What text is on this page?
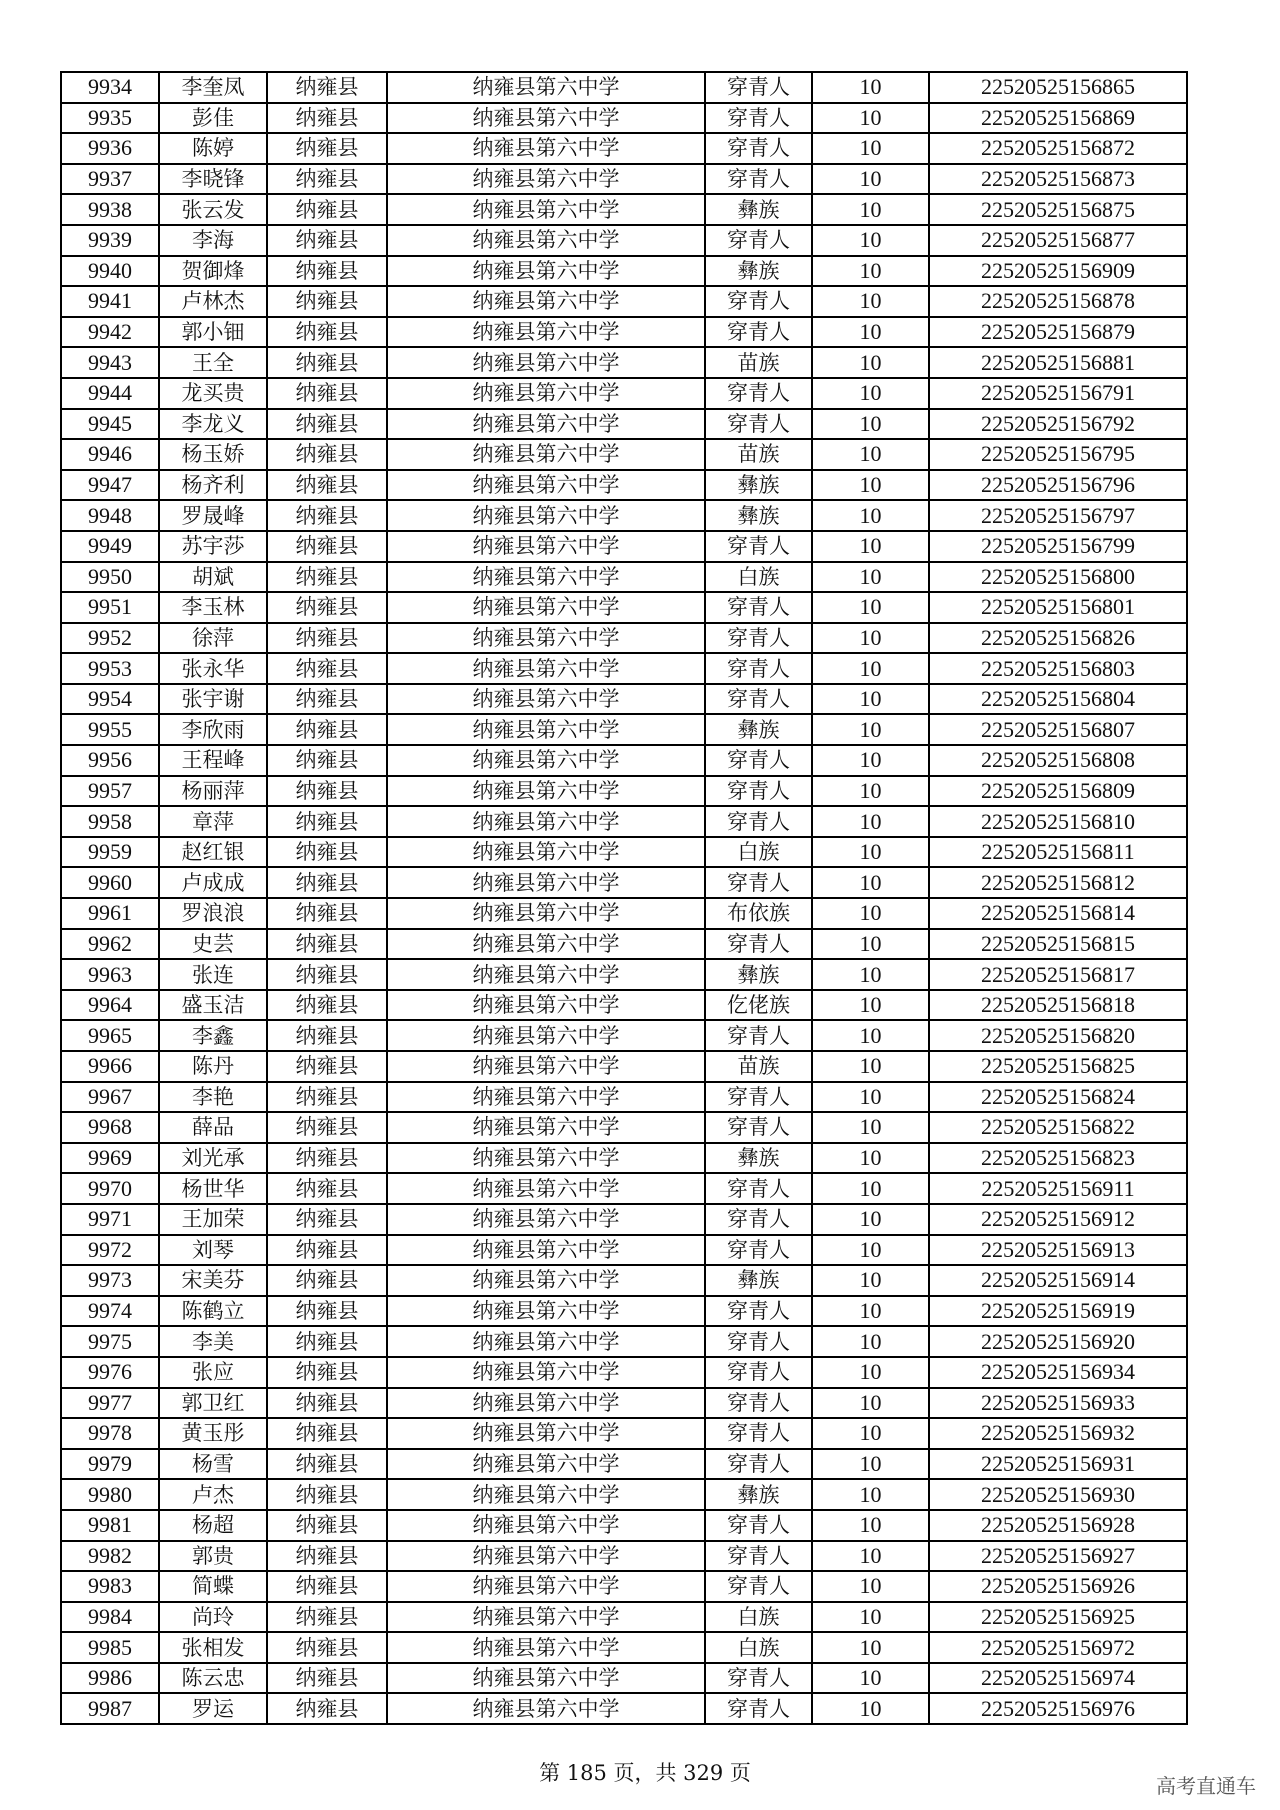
9934	李奎凤	纳雍县	纳雍县第六中学	穿青人	10	22520525156865
9935	彭佳	纳雍县	纳雍县第六中学	穿青人	10	22520525156869
9936	陈婷	纳雍县	纳雍县第六中学	穿青人	10	22520525156872
9937	李晓锋	纳雍县	纳雍县第六中学	穿青人	10	22520525156873
9938	张云发	纳雍县	纳雍县第六中学	彝族	10	22520525156875
9939	李海	纳雍县	纳雍县第六中学	穿青人	10	22520525156877
9940	贺御烽	纳雍县	纳雍县第六中学	彝族	10	22520525156909
9941	卢林杰	纳雍县	纳雍县第六中学	穿青人	10	22520525156878
9942	郭小钿	纳雍县	纳雍县第六中学	穿青人	10	22520525156879
9943	王全	纳雍县	纳雍县第六中学	苗族	10	22520525156881
9944	龙买贵	纳雍县	纳雍县第六中学	穿青人	10	22520525156791
9945	李龙义	纳雍县	纳雍县第六中学	穿青人	10	22520525156792
9946	杨玉娇	纳雍县	纳雍县第六中学	苗族	10	22520525156795
9947	杨齐利	纳雍县	纳雍县第六中学	彝族	10	22520525156796
9948	罗晟峰	纳雍县	纳雍县第六中学	彝族	10	22520525156797
9949	苏宇莎	纳雍县	纳雍县第六中学	穿青人	10	22520525156799
9950	胡斌	纳雍县	纳雍县第六中学	白族	10	22520525156800
9951	李玉林	纳雍县	纳雍县第六中学	穿青人	10	22520525156801
9952	徐萍	纳雍县	纳雍县第六中学	穿青人	10	22520525156826
9953	张永华	纳雍县	纳雍县第六中学	穿青人	10	22520525156803
9954	张宇谢	纳雍县	纳雍县第六中学	穿青人	10	22520525156804
9955	李欣雨	纳雍县	纳雍县第六中学	彝族	10	22520525156807
9956	王程峰	纳雍县	纳雍县第六中学	穿青人	10	22520525156808
9957	杨丽萍	纳雍县	纳雍县第六中学	穿青人	10	22520525156809
9958	章萍	纳雍县	纳雍县第六中学	穿青人	10	22520525156810
9959	赵红银	纳雍县	纳雍县第六中学	白族	10	22520525156811
9960	卢成成	纳雍县	纳雍县第六中学	穿青人	10	22520525156812
9961	罗浪浪	纳雍县	纳雍县第六中学	布依族	10	22520525156814
9962	史芸	纳雍县	纳雍县第六中学	穿青人	10	22520525156815
9963	张连	纳雍县	纳雍县第六中学	彝族	10	22520525156817
9964	盛玉洁	纳雍县	纳雍县第六中学	仡佬族	10	22520525156818
9965	李鑫	纳雍县	纳雍县第六中学	穿青人	10	22520525156820
9966	陈丹	纳雍县	纳雍县第六中学	苗族	10	22520525156825
9967	李艳	纳雍县	纳雍县第六中学	穿青人	10	22520525156824
9968	薛品	纳雍县	纳雍县第六中学	穿青人	10	22520525156822
9969	刘光承	纳雍县	纳雍县第六中学	彝族	10	22520525156823
9970	杨世华	纳雍县	纳雍县第六中学	穿青人	10	22520525156911
9971	王加荣	纳雍县	纳雍县第六中学	穿青人	10	22520525156912
9972	刘琴	纳雍县	纳雍县第六中学	穿青人	10	22520525156913
9973	宋美芬	纳雍县	纳雍县第六中学	彝族	10	22520525156914
9974	陈鹤立	纳雍县	纳雍县第六中学	穿青人	10	22520525156919
9975	李美	纳雍县	纳雍县第六中学	穿青人	10	22520525156920
9976	张应	纳雍县	纳雍县第六中学	穿青人	10	22520525156934
9977	郭卫红	纳雍县	纳雍县第六中学	穿青人	10	22520525156933
9978	黄玉彤	纳雍县	纳雍县第六中学	穿青人	10	22520525156932
9979	杨雪	纳雍县	纳雍县第六中学	穿青人	10	22520525156931
9980	卢杰	纳雍县	纳雍县第六中学	彝族	10	22520525156930
9981	杨超	纳雍县	纳雍县第六中学	穿青人	10	22520525156928
9982	郭贵	纳雍县	纳雍县第六中学	穿青人	10	22520525156927
9983	简蝶	纳雍县	纳雍县第六中学	穿青人	10	22520525156926
9984	尚玲	纳雍县	纳雍县第六中学	白族	10	22520525156925
9985	张相发	纳雍县	纳雍县第六中学	白族	10	22520525156972
9986	陈云忠	纳雍县	纳雍县第六中学	穿青人	10	22520525156974
9987	罗运	纳雍县	纳雍县第六中学	穿青人	10	22520525156976
第 185 页，共 329 页
高考直通车
